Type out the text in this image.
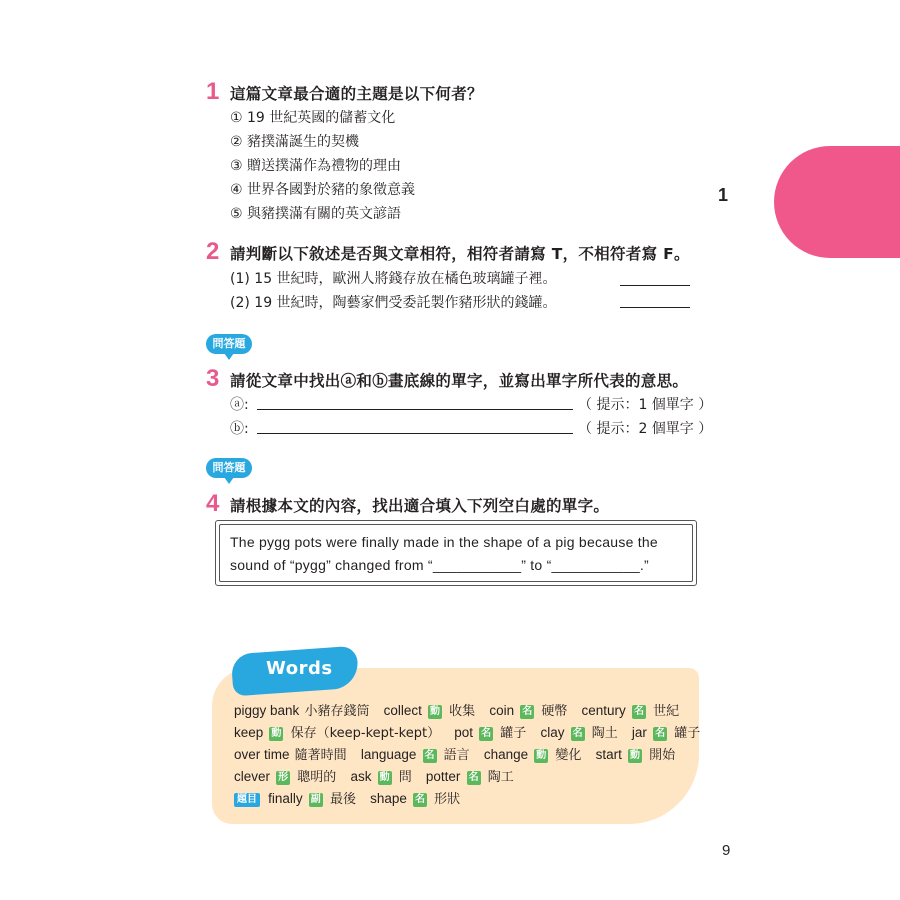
UNIT 01
1
1 這篇文章最合適的主題是以下何者？
① 19 世紀英國的儲蓄文化
② 豬撲滿誕生的契機
③ 贈送撲滿作為禮物的理由
④ 世界各國對於豬的象徵意義
⑤ 與豬撲滿有關的英文諺語
2 請判斷以下敘述是否與文章相符，相符者請寫 T，不相符者寫 F。
(1) 15 世紀時，歐洲人將錢存放在橘色玻璃罐子裡。
(2) 19 世紀時，陶藝家們受委託製作豬形狀的錢罐。
問答題
3 請從文章中找出ⓐ和ⓑ畫底線的單字，並寫出單字所代表的意思。
ⓐ:	（ 提示：1 個單字 ）
ⓑ:	（ 提示：2 個單字 ）
問答題
4 請根據本文的內容，找出適合填入下列空白處的單字。
The pygg pots were finally made in the shape of a pig because the
sound of “pygg” changed from “___________” to “___________.”
Words
piggy bank 小豬存錢筒 collect 動 收集 coin 名 硬幣 century 名 世紀
keep 動 保存（keep-kept-kept） pot 名 罐子 clay 名 陶土 jar 名 罐子
over time 隨著時間 language 名 語言 change 動 變化 start 動 開始
clever 形 聰明的 ask 動 問 potter 名 陶工
題目 finally 副 最後 shape 名 形狀
9
